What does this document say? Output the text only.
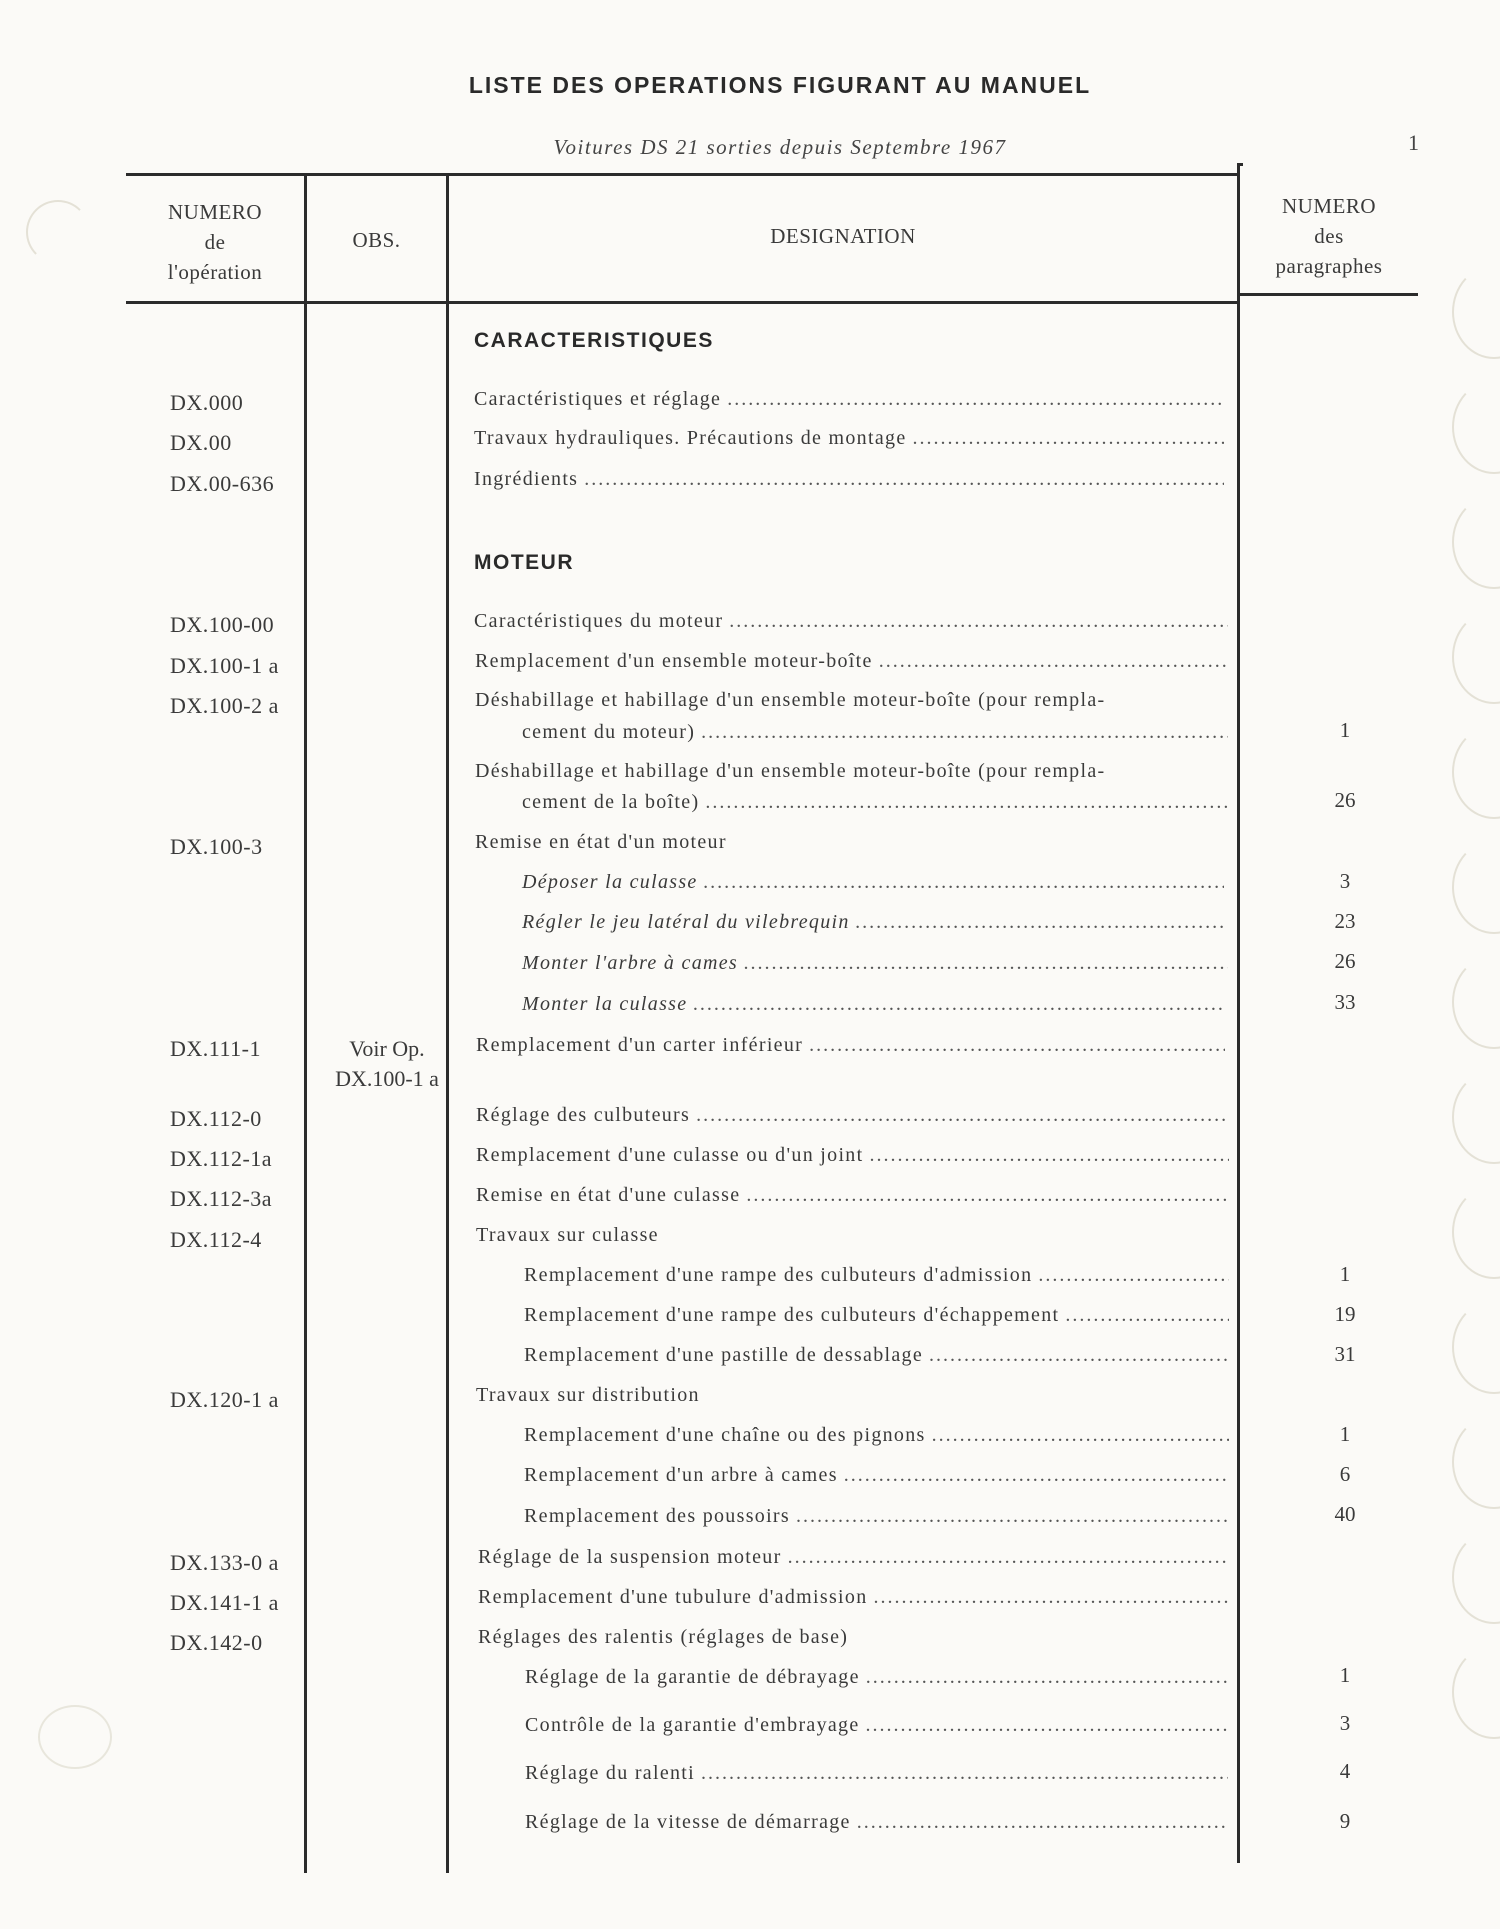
LISTE DES OPERATIONS FIGURANT AU MANUEL
Voitures DS 21 sorties depuis Septembre 1967	1
NUMERO
de
l'opération
OBS.	DESIGNATION
NUMERO
des
paragraphes
CARACTERISTIQUES
MOTEUR
DX.000
DX.00
DX.00-636
DX.100-00
DX.100-1 a
DX.100-2 a
DX.100-3
DX.111-1
DX.112-0
DX.112-1a
DX.112-3a
DX.112-4
DX.120-1 a
DX.133-0 a
DX.141-1 a
DX.142-0
Voir Op.
DX.100-1 a
Caractéristiques et réglage
.....
Travaux hydrauliques. Précautions de montage
.....
Ingrédients
.....
Caractéristiques du moteur
.....
Remplacement d'un ensemble moteur-boîte
.....
Déshabillage et habillage d'un ensemble moteur-boîte (pour rempla-
cement du moteur)
.....
Déshabillage et habillage d'un ensemble moteur-boîte (pour rempla-
cement de la boîte)
.....
Remise en état d'un moteur
Déposer la culasse
.....
Régler le jeu latéral du vilebrequin
.....
Monter l'arbre à cames
.....
Monter la culasse
.....
Remplacement d'un carter inférieur
.....
Réglage des culbuteurs
.....
Remplacement d'une culasse ou d'un joint
.....
Remise en état d'une culasse
.....
Travaux sur culasse
Remplacement d'une rampe des culbuteurs d'admission
.....
Remplacement d'une rampe des culbuteurs d'échappement
.....
Remplacement d'une pastille de dessablage
.....
Travaux sur distribution
Remplacement d'une chaîne ou des pignons
.....
Remplacement d'un arbre à cames
.....
Remplacement des poussoirs
.....
Réglage de la suspension moteur
.....
Remplacement d'une tubulure d'admission
.....
Réglages des ralentis (réglages de base)
Réglage de la garantie de débrayage
.....
Contrôle de la garantie d'embrayage
.....
Réglage du ralenti
.....
Réglage de la vitesse de démarrage
.....
1
26
3
23
26
33
1
19
31
1
6
40
1
3
4
9
